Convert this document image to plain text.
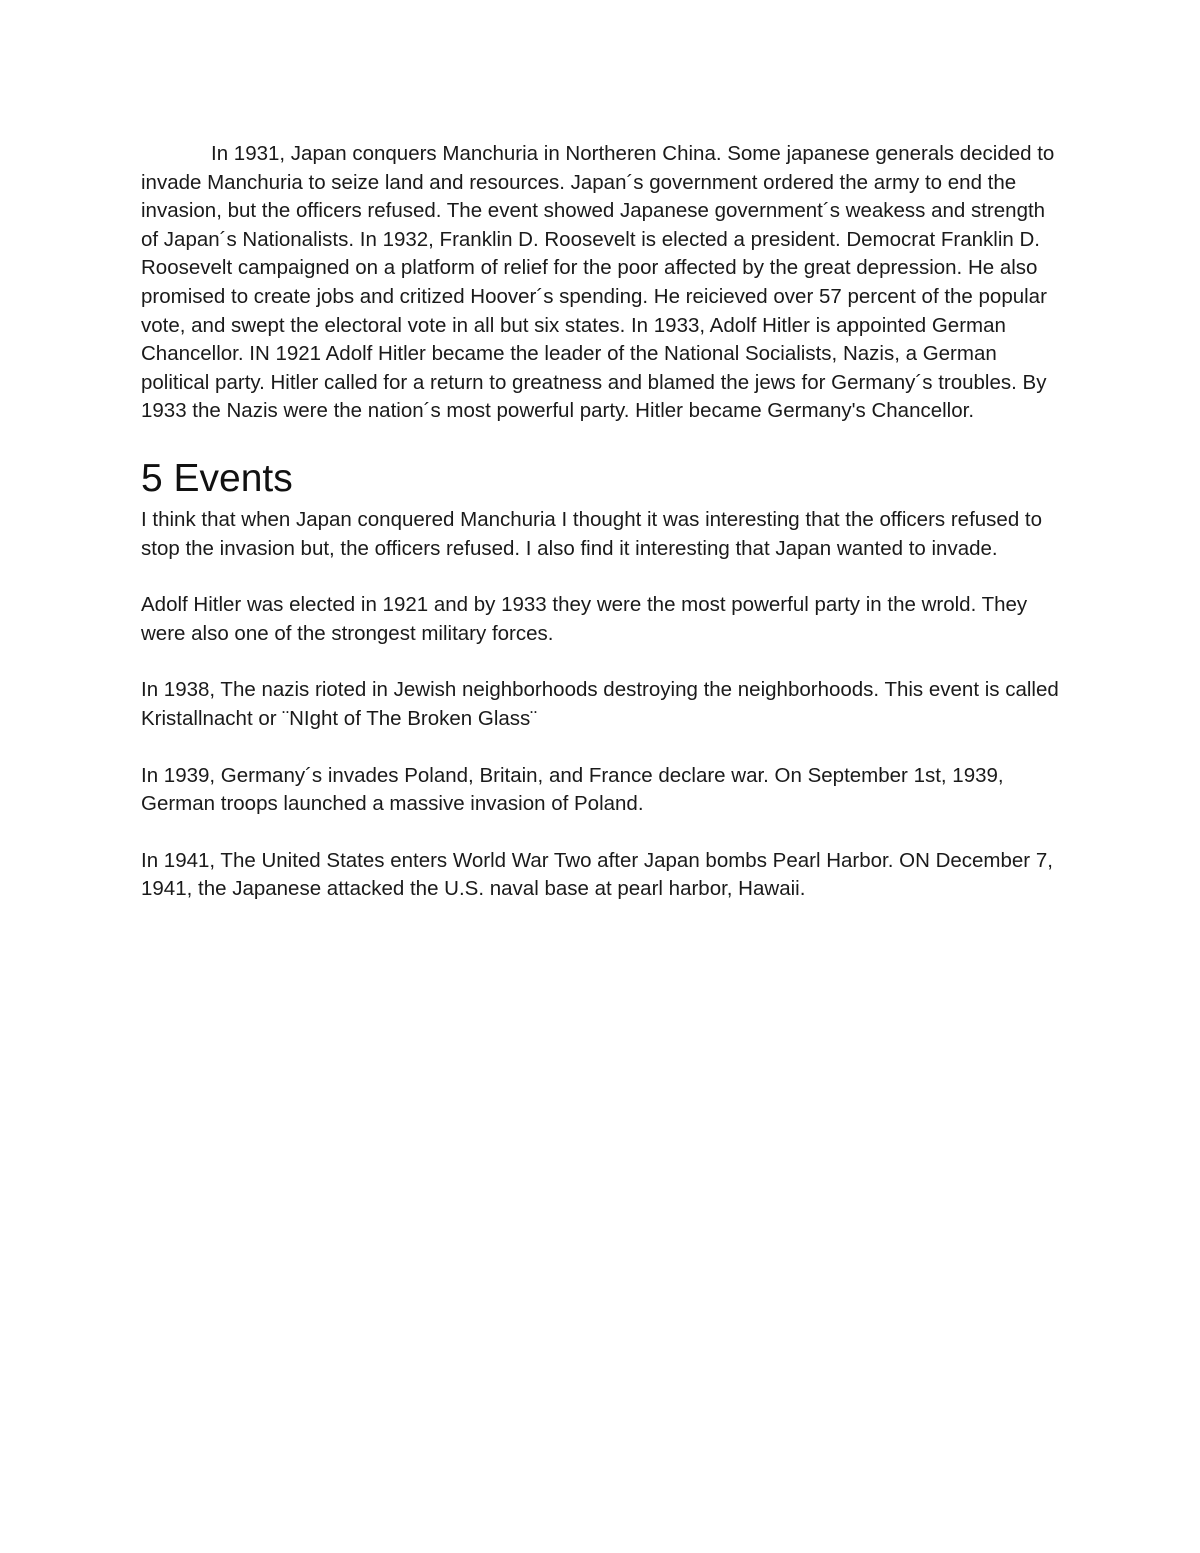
In 1931, Japan conquers Manchuria in Northeren China. Some japanese generals decided to invade Manchuria to seize land and resources. Japan´s government ordered the army to end the invasion, but the officers refused. The event showed Japanese government´s weakess and strength of Japan´s Nationalists. In 1932, Franklin D. Roosevelt is elected a president. Democrat Franklin D. Roosevelt campaigned on a platform of relief for the poor affected by the great depression. He also promised to create jobs and critized Hoover´s spending. He reicieved over 57 percent of the popular vote, and swept the electoral vote in all but six states. In 1933, Adolf Hitler is appointed German Chancellor. IN 1921 Adolf Hitler became the leader of the National Socialists, Nazis, a German political party. Hitler called for a return to greatness and blamed the jews for Germany´s troubles. By 1933 the Nazis were the nation´s most powerful party. Hitler became Germany's Chancellor.

5 Events

I think that when Japan conquered Manchuria I thought it was interesting that the officers refused to stop the invasion but, the officers refused. I also find it interesting that Japan wanted to invade.

Adolf Hitler was elected in 1921 and by 1933 they were the most powerful party in the wrold. They were also one of the strongest military forces.

In 1938, The nazis rioted in Jewish neighborhoods destroying the neighborhoods. This event is called Kristallnacht or ¨NIght of The Broken Glass¨

In 1939, Germany´s invades Poland, Britain, and France declare war. On September 1st, 1939, German troops launched a massive invasion of Poland.

In 1941, The United States enters World War Two after Japan bombs Pearl Harbor. ON December 7, 1941, the Japanese attacked the U.S. naval base at pearl harbor, Hawaii.
